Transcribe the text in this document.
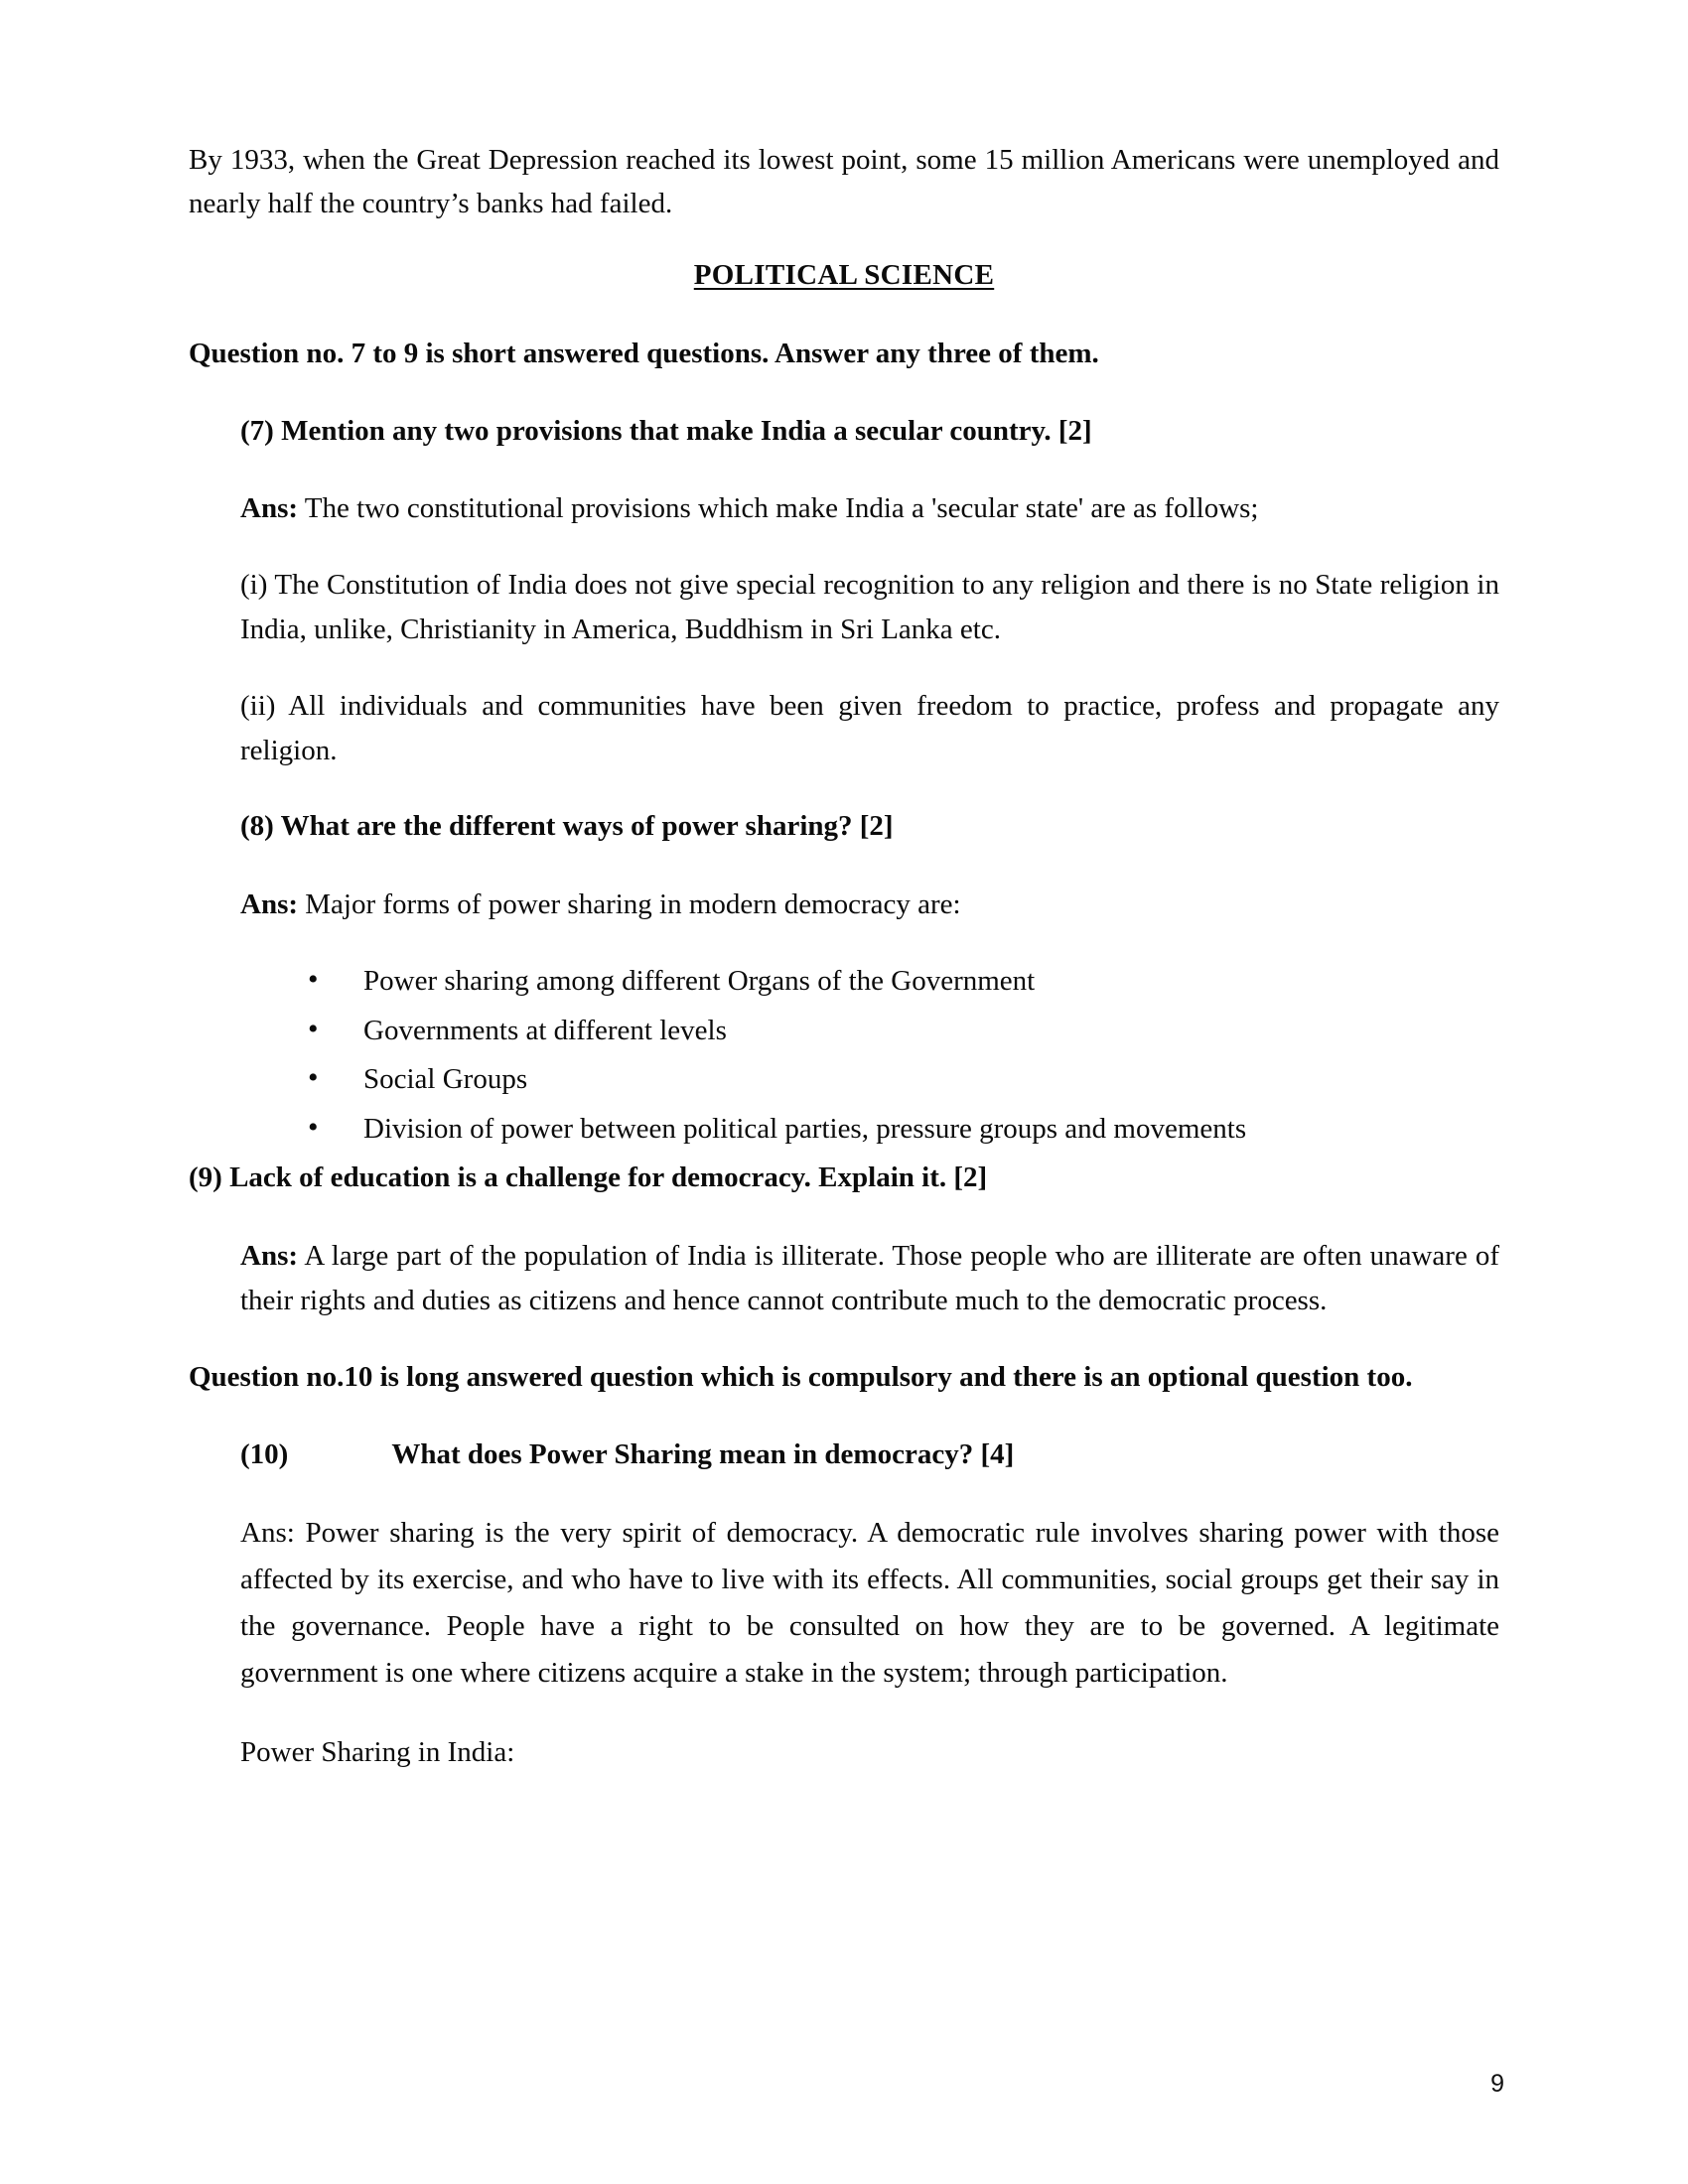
By 1933, when the Great Depression reached its lowest point, some 15 million Americans were unemployed and nearly half the country’s banks had failed.

POLITICAL SCIENCE

Question no. 7 to 9 is short answered questions. Answer any three of them.

(7) Mention any two provisions that make India a secular country. [2]

Ans: The two constitutional provisions which make India a 'secular state' are as follows;

(i) The Constitution of India does not give special recognition to any religion and there is no State religion in India, unlike, Christianity in America, Buddhism in Sri Lanka etc.

(ii) All individuals and communities have been given freedom to practice, profess and propagate any religion.

(8) What are the different ways of power sharing? [2]

Ans: Major forms of power sharing in modern democracy are:

• Power sharing among different Organs of the Government
• Governments at different levels
• Social Groups
• Division of power between political parties, pressure groups and movements

(9) Lack of education is a challenge for democracy. Explain it. [2]

Ans: A large part of the population of India is illiterate. Those people who are illiterate are often unaware of their rights and duties as citizens and hence cannot contribute much to the democratic process.

Question no.10 is long answered question which is compulsory and there is an optional question too.

(10)	What does Power Sharing mean in democracy? [4]

Ans: Power sharing is the very spirit of democracy. A democratic rule involves sharing power with those affected by its exercise, and who have to live with its effects. All communities, social groups get their say in the governance. People have a right to be consulted on how they are to be governed. A legitimate government is one where citizens acquire a stake in the system; through participation.

Power Sharing in India:

9
